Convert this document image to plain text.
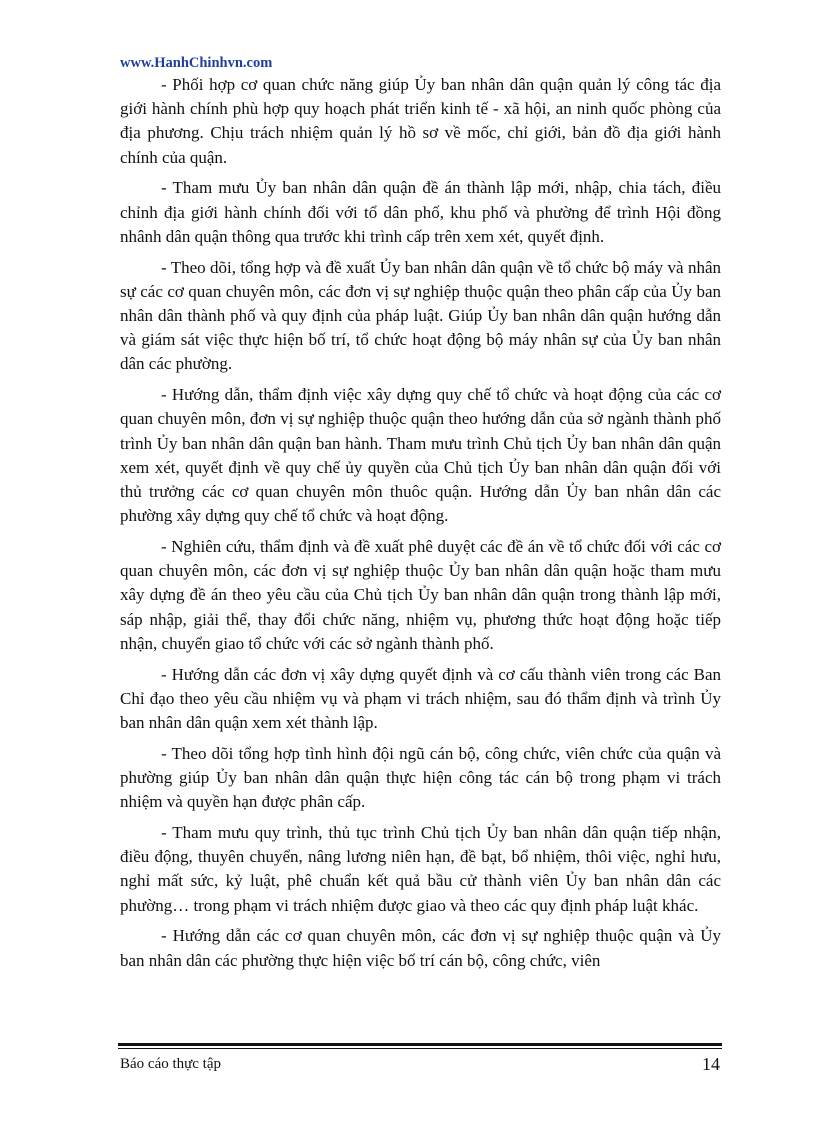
www.HanhChinhvn.com

- Phối hợp cơ quan chức năng giúp Ủy ban nhân dân quận quản lý công tác địa giới hành chính phù hợp quy hoạch phát triển kinh tế - xã hội, an ninh quốc phòng của địa phương. Chịu trách nhiệm quản lý hồ sơ về mốc, chỉ giới, bản đồ địa giới hành chính của quận.

- Tham mưu Ủy ban nhân dân quận đề án thành lập mới, nhập, chia tách, điều chỉnh địa giới hành chính đối với tổ dân phố, khu phố và phường để trình Hội đồng nhânh dân quận thông qua trước khi trình cấp trên xem xét, quyết định.

- Theo dõi, tổng hợp và đề xuất Ủy ban nhân dân quận về tổ chức bộ máy và nhân sự các cơ quan chuyên môn, các đơn vị sự nghiệp thuộc quận theo phân cấp của Ủy ban nhân dân thành phố và quy định của pháp luật. Giúp Ủy ban nhân dân quận hướng dẫn và giám sát việc thực hiện bố trí, tổ chức hoạt động bộ máy nhân sự của Ủy ban nhân dân các phường.

- Hướng dẫn, thẩm định việc xây dựng quy chế tổ chức và hoạt động của các cơ quan chuyên môn, đơn vị sự nghiệp thuộc quận theo hướng dẫn của sở ngành thành phố trình Ủy ban nhân dân quận ban hành. Tham mưu trình Chủ tịch Ủy ban nhân dân quận xem xét, quyết định về quy chế ủy quyền của Chủ tịch Ủy ban nhân dân quận đối với thủ trưởng các cơ quan chuyên môn thuôc quận. Hướng dẫn Ủy ban nhân dân các phường xây dựng quy chế tổ chức và hoạt động.

- Nghiên cứu, thẩm định và đề xuất phê duyệt các đề án về tổ chức đối với các cơ quan chuyên môn, các đơn vị sự nghiệp thuộc Ủy ban nhân dân quận hoặc tham mưu xây dựng đề án theo yêu cầu của Chủ tịch Ủy ban nhân dân quận trong thành lập mới, sáp nhập, giải thể, thay đổi chức năng, nhiệm vụ, phương thức hoạt động hoặc tiếp nhận, chuyển giao tổ chức với các sở ngành thành phố.

- Hướng dẫn các đơn vị xây dựng quyết định và cơ cấu thành viên trong các Ban Chỉ đạo theo yêu cầu nhiệm vụ và phạm vi trách nhiệm, sau đó thẩm định và trình Ủy ban nhân dân quận xem xét thành lập.

- Theo dõi tổng hợp tình hình đội ngũ cán bộ, công chức, viên chức của quận và phường giúp Ủy ban nhân dân quận thực hiện công tác cán bộ trong phạm vi trách nhiệm và quyền hạn được phân cấp.

- Tham mưu quy trình, thủ tục trình Chủ tịch Ủy ban nhân dân quận tiếp nhận, điều động, thuyên chuyển, nâng lương niên hạn, đề bạt, bổ nhiệm, thôi việc, nghỉ hưu, nghỉ mất sức, kỷ luật, phê chuẩn kết quả bầu cử thành viên Ủy ban nhân dân các phường… trong phạm vi trách nhiệm được giao và theo các quy định pháp luật khác.

- Hướng dẫn các cơ quan chuyên môn, các đơn vị sự nghiệp thuộc quận và Ủy ban nhân dân các phường thực hiện việc bố trí cán bộ, công chức, viên

Báo cáo thực tập	14
